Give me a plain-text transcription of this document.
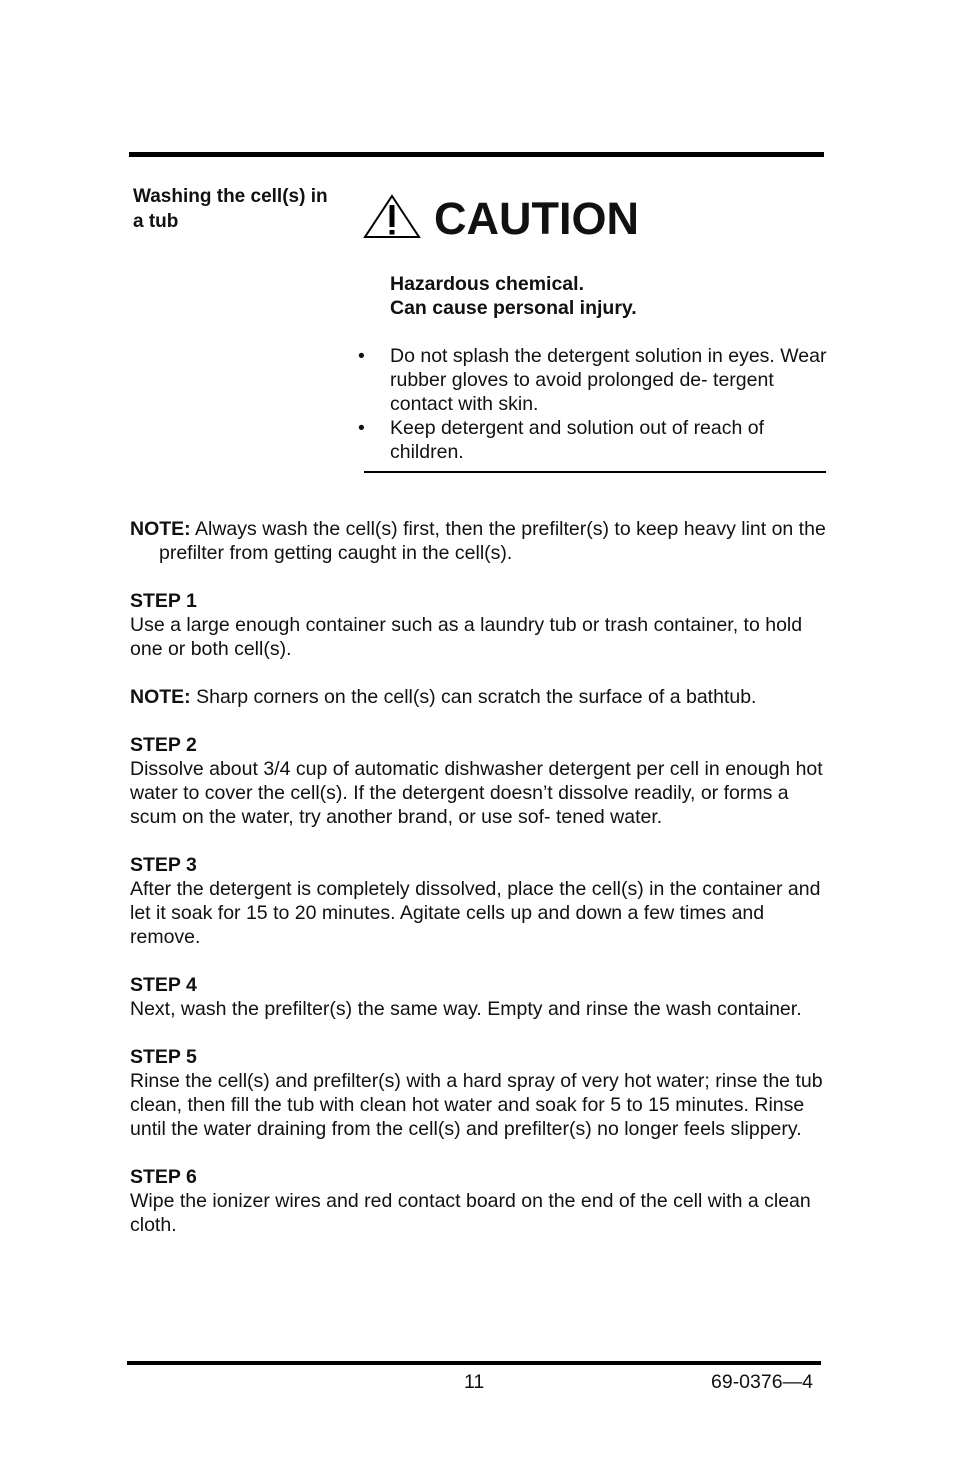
Washing the cell(s) in a tub	CAUTION
Hazardous chemical.
Can cause personal injury.
• Do not splash the detergent solution in eyes. Wear rubber gloves to avoid prolonged de- tergent contact with skin.
• Keep detergent and solution out of reach of children.

NOTE: Always wash the cell(s) first, then the prefilter(s) to keep heavy lint on the prefilter from getting caught in the cell(s).

STEP 1
Use a large enough container such as a laundry tub or trash container, to hold one or both cell(s).

NOTE: Sharp corners on the cell(s) can scratch the surface of a bathtub.

STEP 2
Dissolve about 3/4 cup of automatic dishwasher detergent per cell in enough hot water to cover the cell(s). If the detergent doesn’t dissolve readily, or forms a scum on the water, try another brand, or use sof- tened water.

STEP 3
After the detergent is completely dissolved, place the cell(s) in the container and let it soak for 15 to 20 minutes. Agitate cells up and down a few times and remove.

STEP 4
Next, wash the prefilter(s) the same way. Empty and rinse the wash container.

STEP 5
Rinse the cell(s) and prefilter(s) with a hard spray of very hot water; rinse the tub clean, then fill the tub with clean hot water and soak for 5 to 15 minutes. Rinse until the water draining from the cell(s) and prefilter(s) no longer feels slippery.

STEP 6
Wipe the ionizer wires and red contact board on the end of the cell with a clean cloth.

11	69-0376—4
